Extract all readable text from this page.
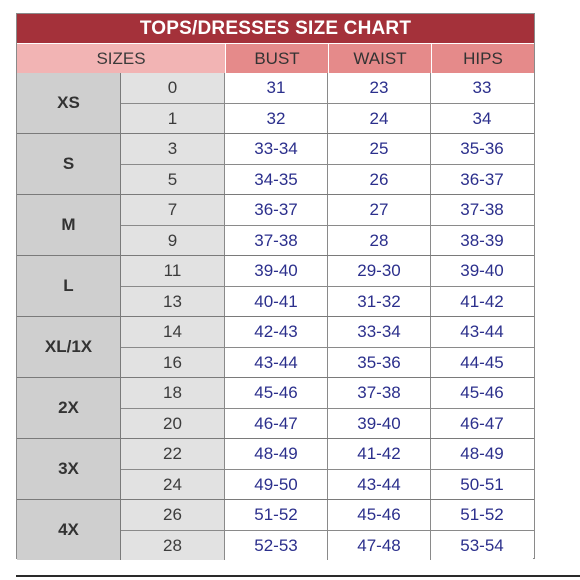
TOPS/DRESSES SIZE CHART
SIZES	BUST	WAIST	HIPS
XS
0	31	23	33
1	32	24	34
S
3	33-34	25	35-36
5	34-35	26	36-37
M
7	36-37	27	37-38
9	37-38	28	38-39
L
11	39-40	29-30	39-40
13	40-41	31-32	41-42
XL/1X
14	42-43	33-34	43-44
16	43-44	35-36	44-45
2X
18	45-46	37-38	45-46
20	46-47	39-40	46-47
3X
22	48-49	41-42	48-49
24	49-50	43-44	50-51
4X
26	51-52	45-46	51-52
28	52-53	47-48	53-54
